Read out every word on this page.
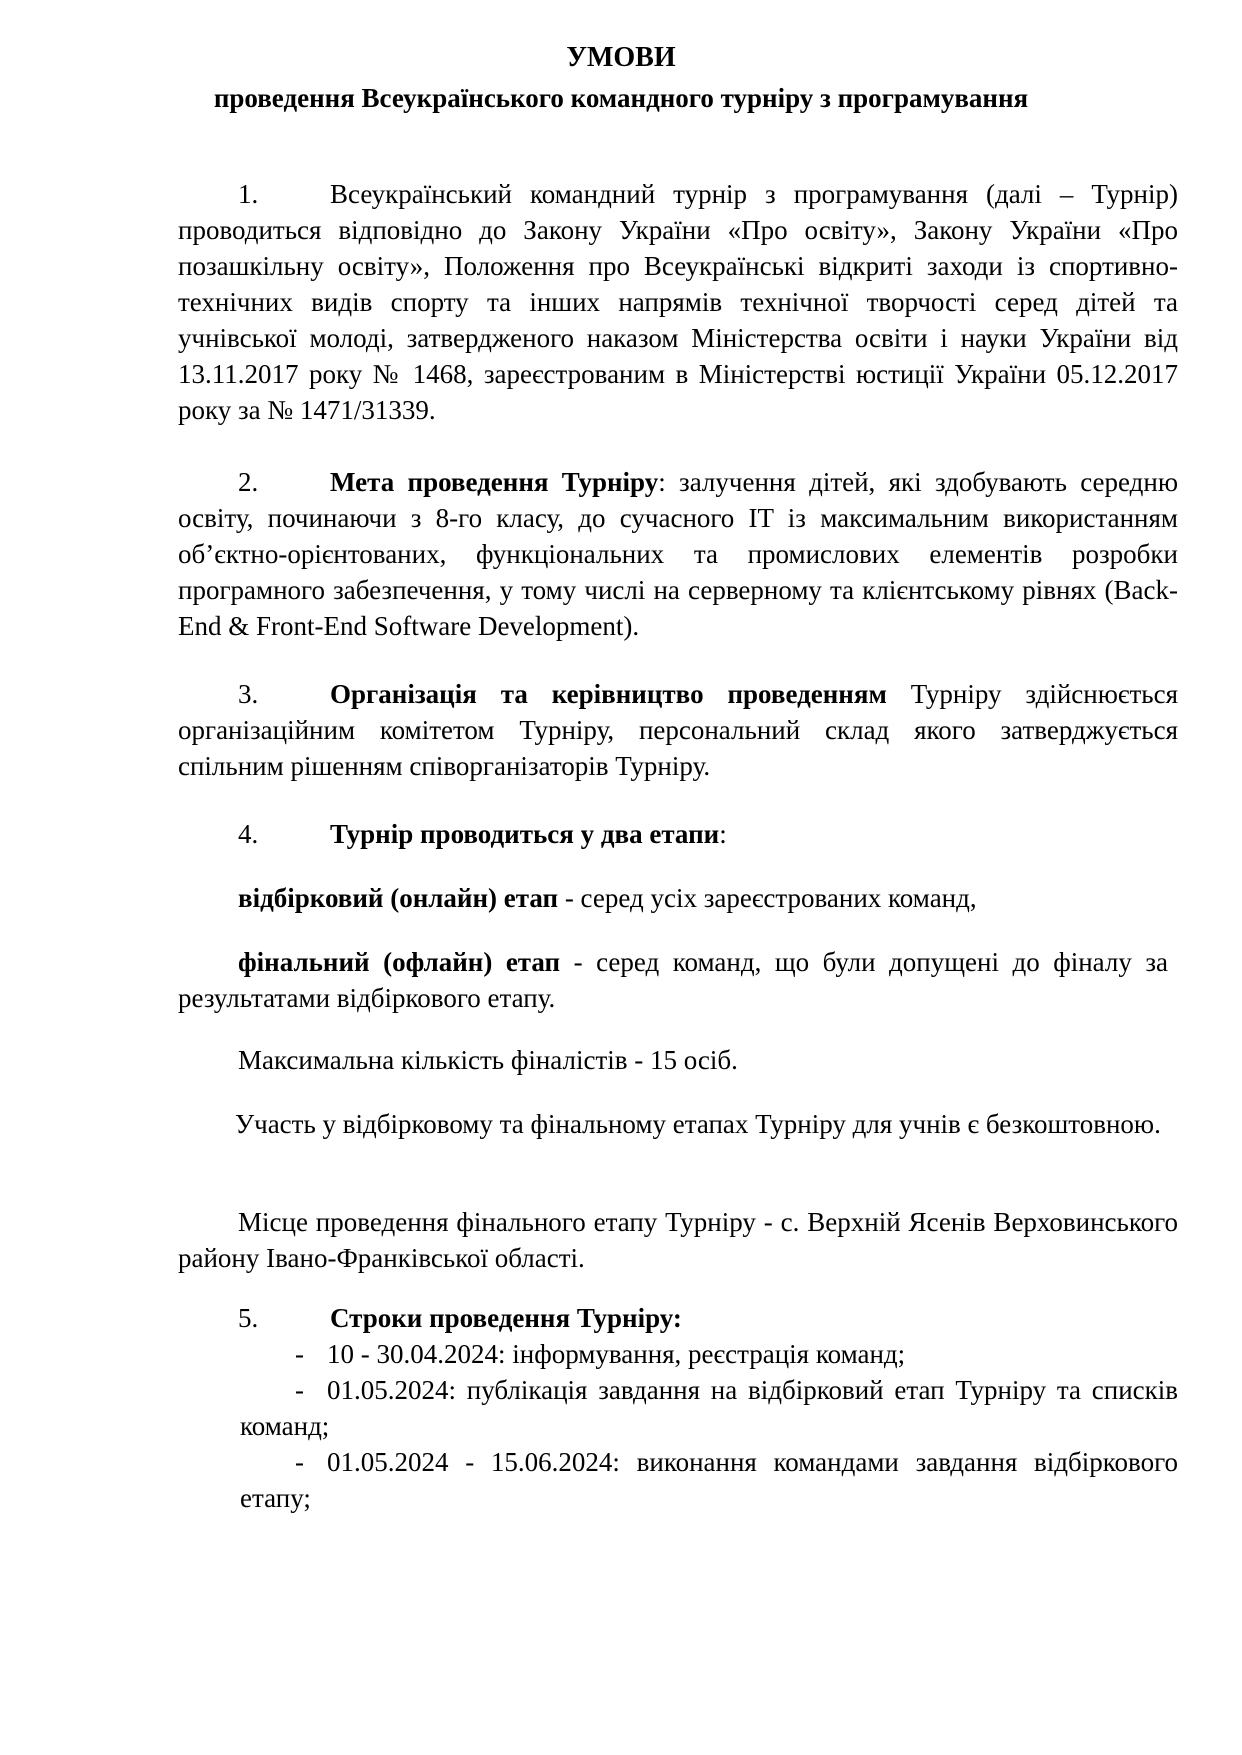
УМОВИ
проведення Всеукраїнського командного турніру з програмування
1.	Всеукраїнський командний турнір з програмування (далі – Турнір) проводиться відповідно до Закону України «Про освіту», Закону України «Про позашкільну освіту», Положення про Всеукраїнські відкриті заходи із спортивно-технічних видів спорту та інших напрямів технічної творчості серед дітей та учнівської молоді, затвердженого наказом Міністерства освіти і науки України від 13.11.2017 року № 1468, зареєстрованим в Міністерстві юстиції України 05.12.2017 року за № 1471/31339.
2.	Мета проведення Турніру: залучення дітей, які здобувають середню освіту, починаючи з 8-го класу, до сучасного IT із максимальним використанням об’єктно-орієнтованих, функціональних та промислових елементів розробки програмного забезпечення, у тому числі на серверному та клієнтському рівнях (Back-End & Front-End Software Development).
3.	Організація та керівництво проведенням Турніру здійснюється організаційним комітетом Турніру, персональний склад якого затверджується спільним рішенням співорганізаторів Турніру.
4.	Турнір проводиться у два етапи:
відбірковий (онлайн) етап - серед усіх зареєстрованих команд,
фінальний (офлайн) етап - серед команд, що були допущені до фіналу за результатами відбіркового етапу.
Максимальна кількість фіналістів - 15 осіб.
Участь у відбірковому та фінальному етапах Турніру для учнів є безкоштовною.
Місце проведення фінального етапу Турніру - с. Верхній Ясенів Верховинського району Івано-Франківської області.
5.	Строки проведення Турніру:
- 10 - 30.04.2024: інформування, реєстрація команд;
- 01.05.2024: публікація завдання на відбірковий етап Турніру та списків команд;
- 01.05.2024 - 15.06.2024: виконання командами завдання відбіркового етапу;
